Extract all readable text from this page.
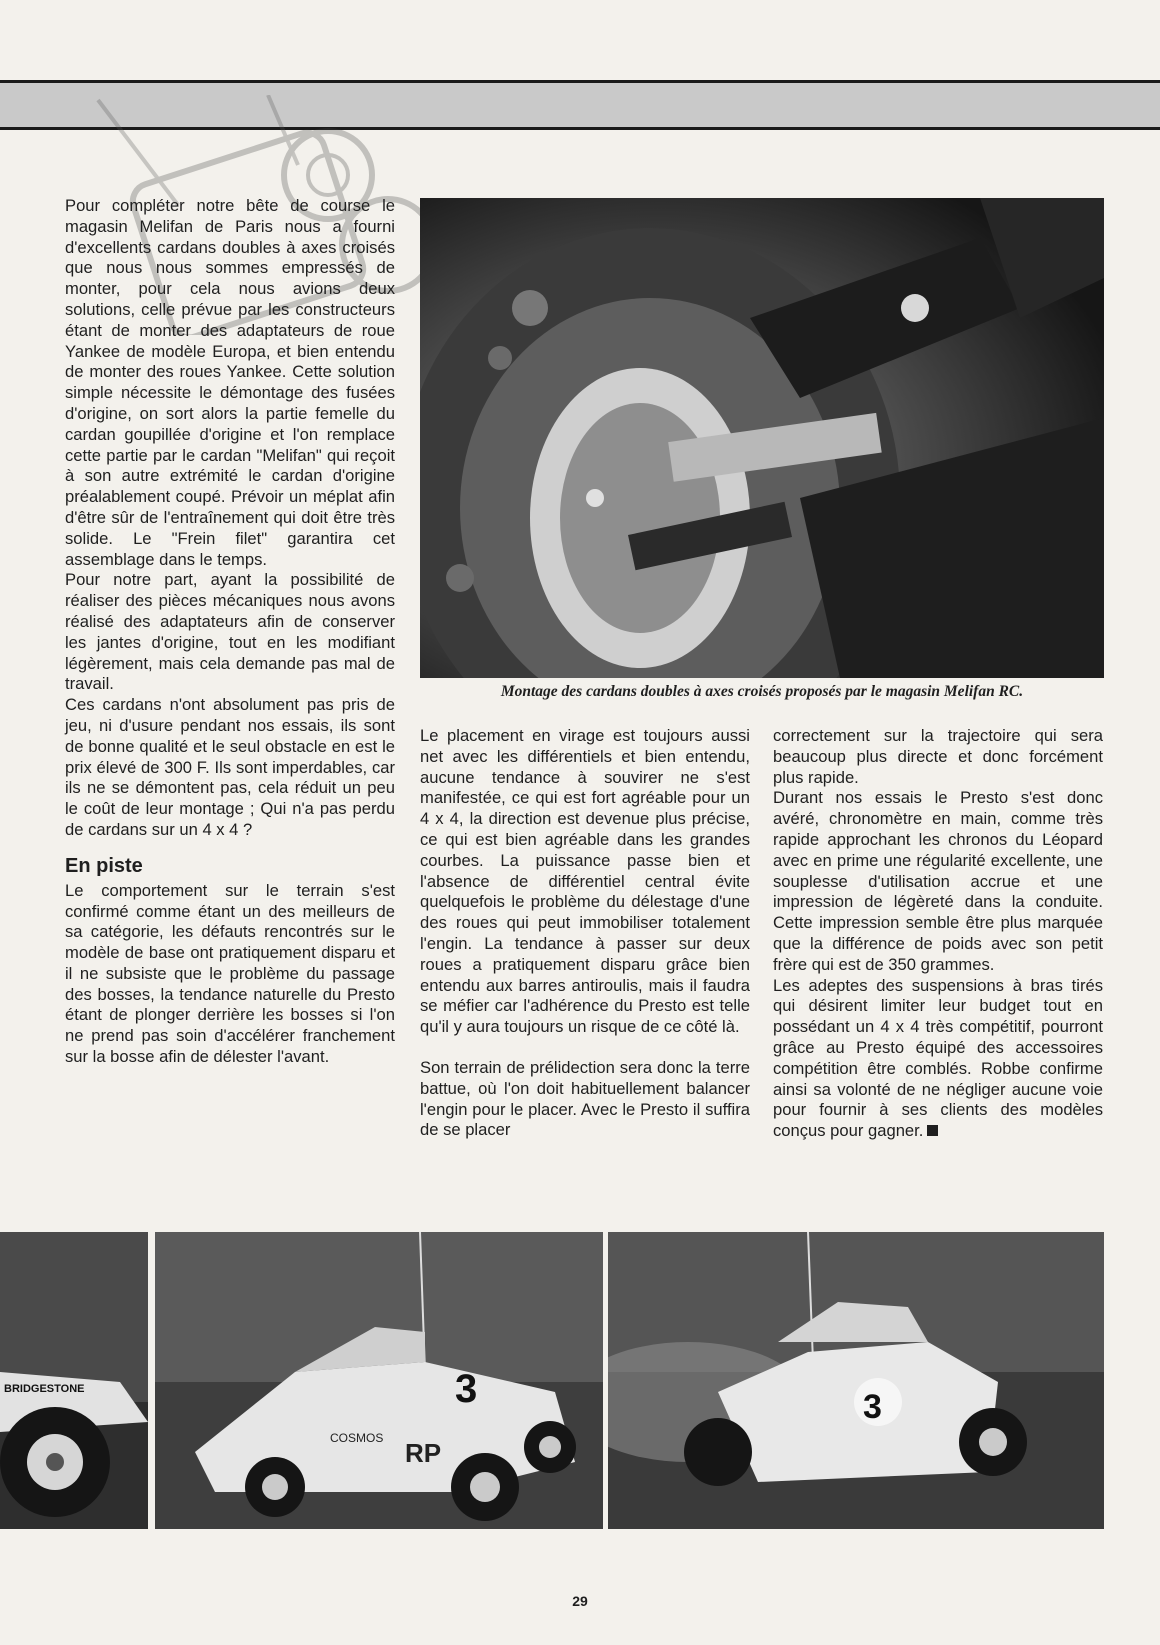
Pour compléter notre bête de course le magasin Melifan de Paris nous a fourni d'excellents cardans doubles à axes croisés que nous nous sommes empressés de monter, pour cela nous avions deux solutions, celle prévue par les constructeurs étant de monter des adaptateurs de roue Yankee de modèle Europa, et bien entendu de monter des roues Yankee. Cette solution simple nécessite le démontage des fusées d'origine, on sort alors la partie femelle du cardan goupillée d'origine et l'on remplace cette partie par le cardan "Melifan" qui reçoit à son autre extrémité le cardan d'origine préalablement coupé. Prévoir un méplat afin d'être sûr de l'entraînement qui doit être très solide. Le "Frein filet" garantira cet assemblage dans le temps.

Pour notre part, ayant la possibilité de réaliser des pièces mécaniques nous avons réalisé des adaptateurs afin de conserver les jantes d'origine, tout en les modifiant légèrement, mais cela demande pas mal de travail.

Ces cardans n'ont absolument pas pris de jeu, ni d'usure pendant nos essais, ils sont de bonne qualité et le seul obstacle en est le prix élevé de 300 F. Ils sont imperdables, car ils ne se démontent pas, cela réduit un peu le coût de leur montage ; Qui n'a pas perdu de cardans sur un 4 x 4 ?

En piste

Le comportement sur le terrain s'est confirmé comme étant un des meilleurs de sa catégorie, les défauts rencontrés sur le modèle de base ont pratiquement disparu et il ne subsiste que le problème du passage des bosses, la tendance naturelle du Presto étant de plonger derrière les bosses si l'on ne prend pas soin d'accélérer franchement sur la bosse afin de délester l'avant.

Montage des cardans doubles à axes croisés proposés par le magasin Melifan RC.

Le placement en virage est toujours aussi net avec les différentiels et bien entendu, aucune tendance à souvirer ne s'est manifestée, ce qui est fort agréable pour un 4 x 4, la direction est devenue plus précise, ce qui est bien agréable dans les grandes courbes. La puissance passe bien et l'absence de différentiel central évite quelquefois le problème du délestage d'une des roues qui peut immobiliser totalement l'engin. La tendance à passer sur deux roues a pratiquement disparu grâce bien entendu aux barres antiroulis, mais il faudra se méfier car l'adhérence du Presto est telle qu'il y aura toujours un risque de ce côté là.

Son terrain de prélidection sera donc la terre battue, où l'on doit habituellement balancer l'engin pour le placer. Avec le Presto il suffira de se placer

correctement sur la trajectoire qui sera beaucoup plus directe et donc forcément plus rapide.

Durant nos essais le Presto s'est donc avéré, chronomètre en main, comme très rapide approchant les chronos du Léopard avec en prime une régularité excellente, une souplesse d'utilisation accrue et une impression de légèreté dans la conduite. Cette impression semble être plus marquée que la différence de poids avec son petit frère qui est de 350 grammes.

Les adeptes des suspensions à bras tirés qui désirent limiter leur budget tout en possédant un 4 x 4 très compétitif, pourront grâce au Presto équipé des accessoires compétition être comblés. Robbe confirme ainsi sa volonté de ne négliger aucune voie pour fournir à ses clients des modèles conçus pour gagner.

BRIDGESTONE	3
COSMOS RP
3
29
